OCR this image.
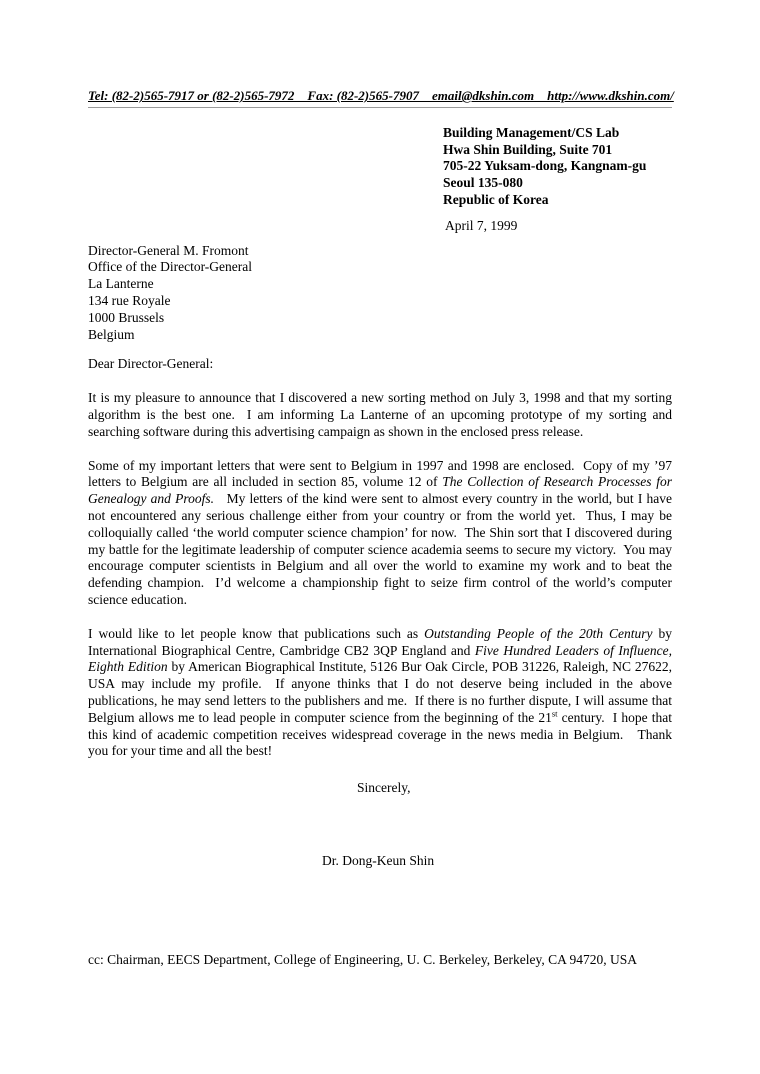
Tel: (82-2)565-7917 or (82-2)565-7972    Fax: (82-2)565-7907    email@dkshin.com    http://www.dkshin.com/
Building Management/CS Lab
Hwa Shin Building, Suite 701
705-22 Yuksam-dong, Kangnam-gu
Seoul 135-080
Republic of Korea
April 7, 1999
Director-General M. Fromont
Office of the Director-General
La Lanterne
134 rue Royale
1000 Brussels
Belgium
Dear Director-General:
It is my pleasure to announce that I discovered a new sorting method on July 3, 1998 and that my sorting algorithm is the best one.  I am informing La Lanterne of an upcoming prototype of my sorting and searching software during this advertising campaign as shown in the enclosed press release.
Some of my important letters that were sent to Belgium in 1997 and 1998 are enclosed.  Copy of my ’97 letters to Belgium are all included in section 85, volume 12 of The Collection of Research Processes for Genealogy and Proofs.   My letters of the kind were sent to almost every country in the world, but I have not encountered any serious challenge either from your country or from the world yet.  Thus, I may be colloquially called ‘the world computer science champion’ for now.  The Shin sort that I discovered during my battle for the legitimate leadership of computer science academia seems to secure my victory.  You may encourage computer scientists in Belgium and all over the world to examine my work and to beat the defending champion.  I’d welcome a championship fight to seize firm control of the world’s computer science education.
I would like to let people know that publications such as Outstanding People of the 20th Century by International Biographical Centre, Cambridge CB2 3QP England and Five Hundred Leaders of Influence, Eighth Edition by American Biographical Institute, 5126 Bur Oak Circle, POB 31226, Raleigh, NC 27622, USA may include my profile.  If anyone thinks that I do not deserve being included in the above publications, he may send letters to the publishers and me.  If there is no further dispute, I will assume that Belgium allows me to lead people in computer science from the beginning of the 21st century.  I hope that this kind of academic competition receives widespread coverage in the news media in Belgium.   Thank you for your time and all the best!
Sincerely,
Dr. Dong-Keun Shin
cc: Chairman, EECS Department, College of Engineering, U. C. Berkeley, Berkeley, CA 94720, USA
